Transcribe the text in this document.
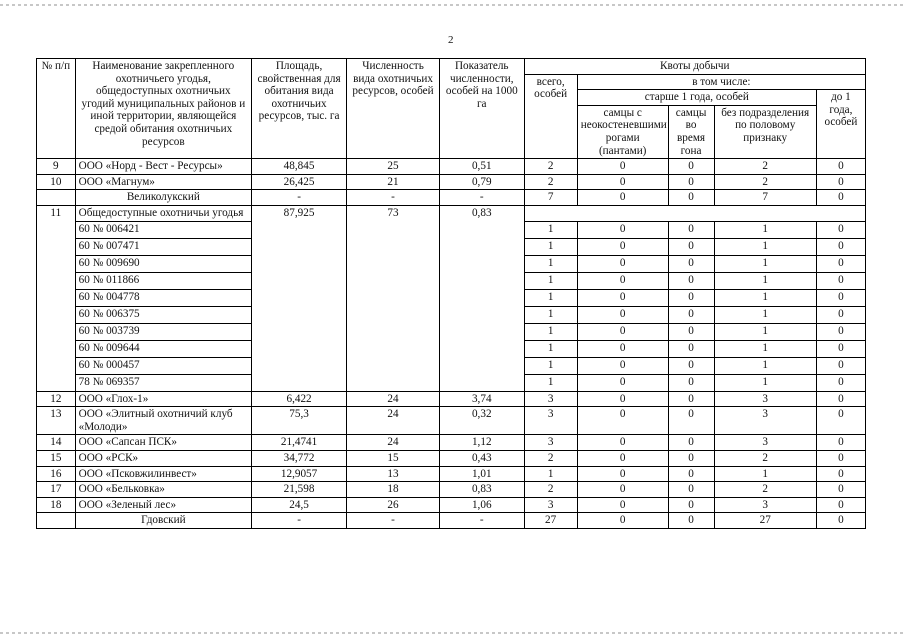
2
№ п/п	Наименование закрепленного охотничьего угодья, общедоступных охотничьих угодий муниципальных районов и иной территории, являющейся средой обитания охотничьих ресурсов	Площадь, свойственная для обитания вида охотничьих ресурсов, тыс. га	Численность вида охотничьих ресурсов, особей	Показатель численности, особей на 1000 га	Квоты добычи				
					всего, особей	в том числе:			
						старше 1 года, особей			до 1 года, особей
						самцы с неокостеневшими рогами (пантами)	самцы во время гона	без подразделения по половому признаку	
9	ООО «Норд - Вест - Ресурсы»	48,845	25	0,51	2	0	0	2	0
10	ООО «Магнум»	26,425	21	0,79	2	0	0	2	0
	Великолукский	-	-	-	7	0	0	7	0
11	Общедоступные охотничьи угодья	87,925	73	0,83					
	60 № 006421				1	0	0	1	0
	60 № 007471				1	0	0	1	0
	60 № 009690				1	0	0	1	0
	60 № 011866				1	0	0	1	0
	60 № 004778				1	0	0	1	0
	60 № 006375				1	0	0	1	0
	60 № 003739				1	0	0	1	0
	60 № 009644				1	0	0	1	0
	60 № 000457				1	0	0	1	0
	78 № 069357				1	0	0	1	0
12	ООО «Глох-1»	6,422	24	3,74	3	0	0	3	0
13	ООО «Элитный охотничий клуб «Молоди»	75,3	24	0,32	3	0	0	3	0
14	ООО «Сапсан ПСК»	21,4741	24	1,12	3	0	0	3	0
15	ООО «РСК»	34,772	15	0,43	2	0	0	2	0
16	ООО «Псковжилинвест»	12,9057	13	1,01	1	0	0	1	0
17	ООО «Бельковка»	21,598	18	0,83	2	0	0	2	0
18	ООО «Зеленый лес»	24,5	26	1,06	3	0	0	3	0
	Гдовский	-	-	-	27	0	0	27	0
